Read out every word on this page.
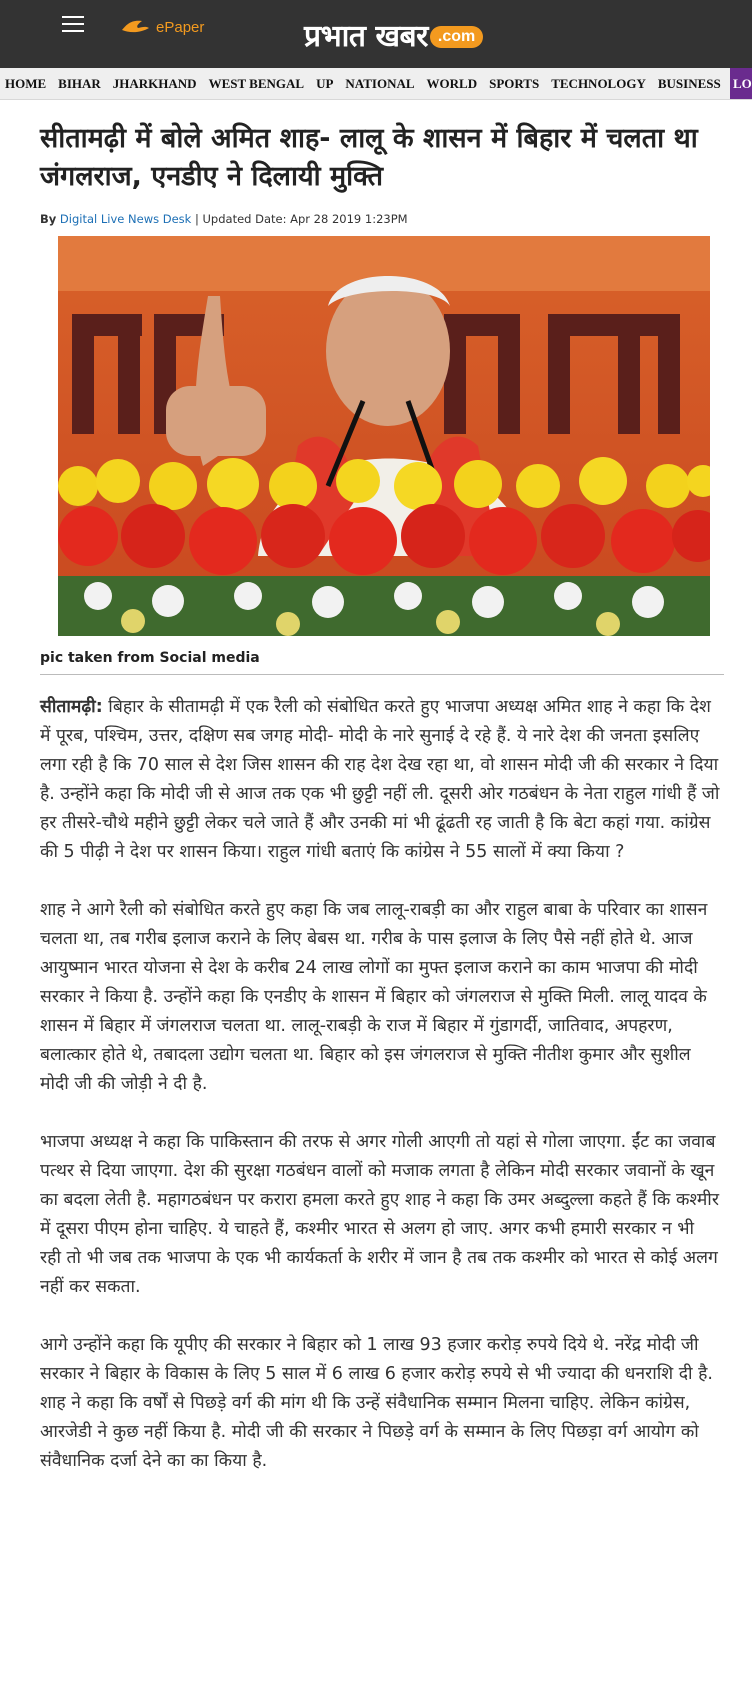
ePaper	प्रभात खबर .com
HOME BIHAR JHARKHAND WEST BENGAL UP NATIONAL WORLD SPORTS TECHNOLOGY BUSINESS LO
सीतामढ़ी में बोले अमित शाह- लालू के शासन में बिहार में चलता था जंगलराज, एनडीए ने दिलायी मुक्ति
By Digital Live News Desk | Updated Date: Apr 28 2019 1:23PM
pic taken from Social media

सीतामढ़ी: बिहार के सीतामढ़ी में एक रैली को संबोधित करते हुए भाजपा अध्यक्ष अमित शाह ने कहा कि देश में पूरब, पश्चिम, उत्तर, दक्षिण सब जगह मोदी- मोदी के नारे सुनाई दे रहे हैं. ये नारे देश की जनता इसलिए लगा रही है कि 70 साल से देश जिस शासन की राह देश देख रहा था, वो शासन मोदी जी की सरकार ने दिया है. उन्होंने कहा कि मोदी जी से आज तक एक भी छुट्टी नहीं ली. दूसरी ओर गठबंधन के नेता राहुल गांधी हैं जो हर तीसरे-चौथे महीने छुट्टी लेकर चले जाते हैं और उनकी मां भी ढूंढती रह जाती है कि बेटा कहां गया. कांग्रेस की 5 पीढ़ी ने देश पर शासन किया। राहुल गांधी बताएं कि कांग्रेस ने 55 सालों में क्या किया ?

शाह ने आगे रैली को संबोधित करते हुए कहा कि जब लालू-राबड़ी का और राहुल बाबा के परिवार का शासन चलता था, तब गरीब इलाज कराने के लिए बेबस था. गरीब के पास इलाज के लिए पैसे नहीं होते थे. आज आयुष्मान भारत योजना से देश के करीब 24 लाख लोगों का मुफ्त इलाज कराने का काम भाजपा की मोदी सरकार ने किया है. उन्होंने कहा कि एनडीए के शासन में बिहार को जंगलराज से मुक्ति मिली. लालू यादव के शासन में बिहार में जंगलराज चलता था. लालू-राबड़ी के राज में बिहार में गुंडागर्दी, जातिवाद, अपहरण, बलात्कार होते थे, तबादला उद्योग चलता था. बिहार को इस जंगलराज से मुक्ति नीतीश कुमार और सुशील मोदी जी की जोड़ी ने दी है.

भाजपा अध्यक्ष ने कहा कि पाकिस्तान की तरफ से अगर गोली आएगी तो यहां से गोला जाएगा. ईंट का जवाब पत्थर से दिया जाएगा. देश की सुरक्षा गठबंधन वालों को मजाक लगता है लेकिन मोदी सरकार जवानों के खून का बदला लेती है. महागठबंधन पर करारा हमला करते हुए शाह ने कहा कि उमर अब्दुल्ला कहते हैं कि कश्मीर में दूसरा पीएम होना चाहिए. ये चाहते हैं, कश्मीर भारत से अलग हो जाए. अगर कभी हमारी सरकार न भी रही तो भी जब तक भाजपा के एक भी कार्यकर्ता के शरीर में जान है तब तक कश्मीर को भारत से कोई अलग नहीं कर सकता.

आगे उन्होंने कहा कि यूपीए की सरकार ने बिहार को 1 लाख 93 हजार करोड़ रुपये दिये थे. नरेंद्र मोदी जी सरकार ने बिहार के विकास के लिए 5 साल में 6 लाख 6 हजार करोड़ रुपये से भी ज्यादा की धनराशि दी है. शाह ने कहा कि वर्षों से पिछड़े वर्ग की मांग थी कि उन्हें संवैधानिक सम्मान मिलना चाहिए. लेकिन कांग्रेस, आरजेडी ने कुछ नहीं किया है. मोदी जी की सरकार ने पिछड़े वर्ग के सम्मान के लिए पिछड़ा वर्ग आयोग को संवैधानिक दर्जा देने का का किया है.
